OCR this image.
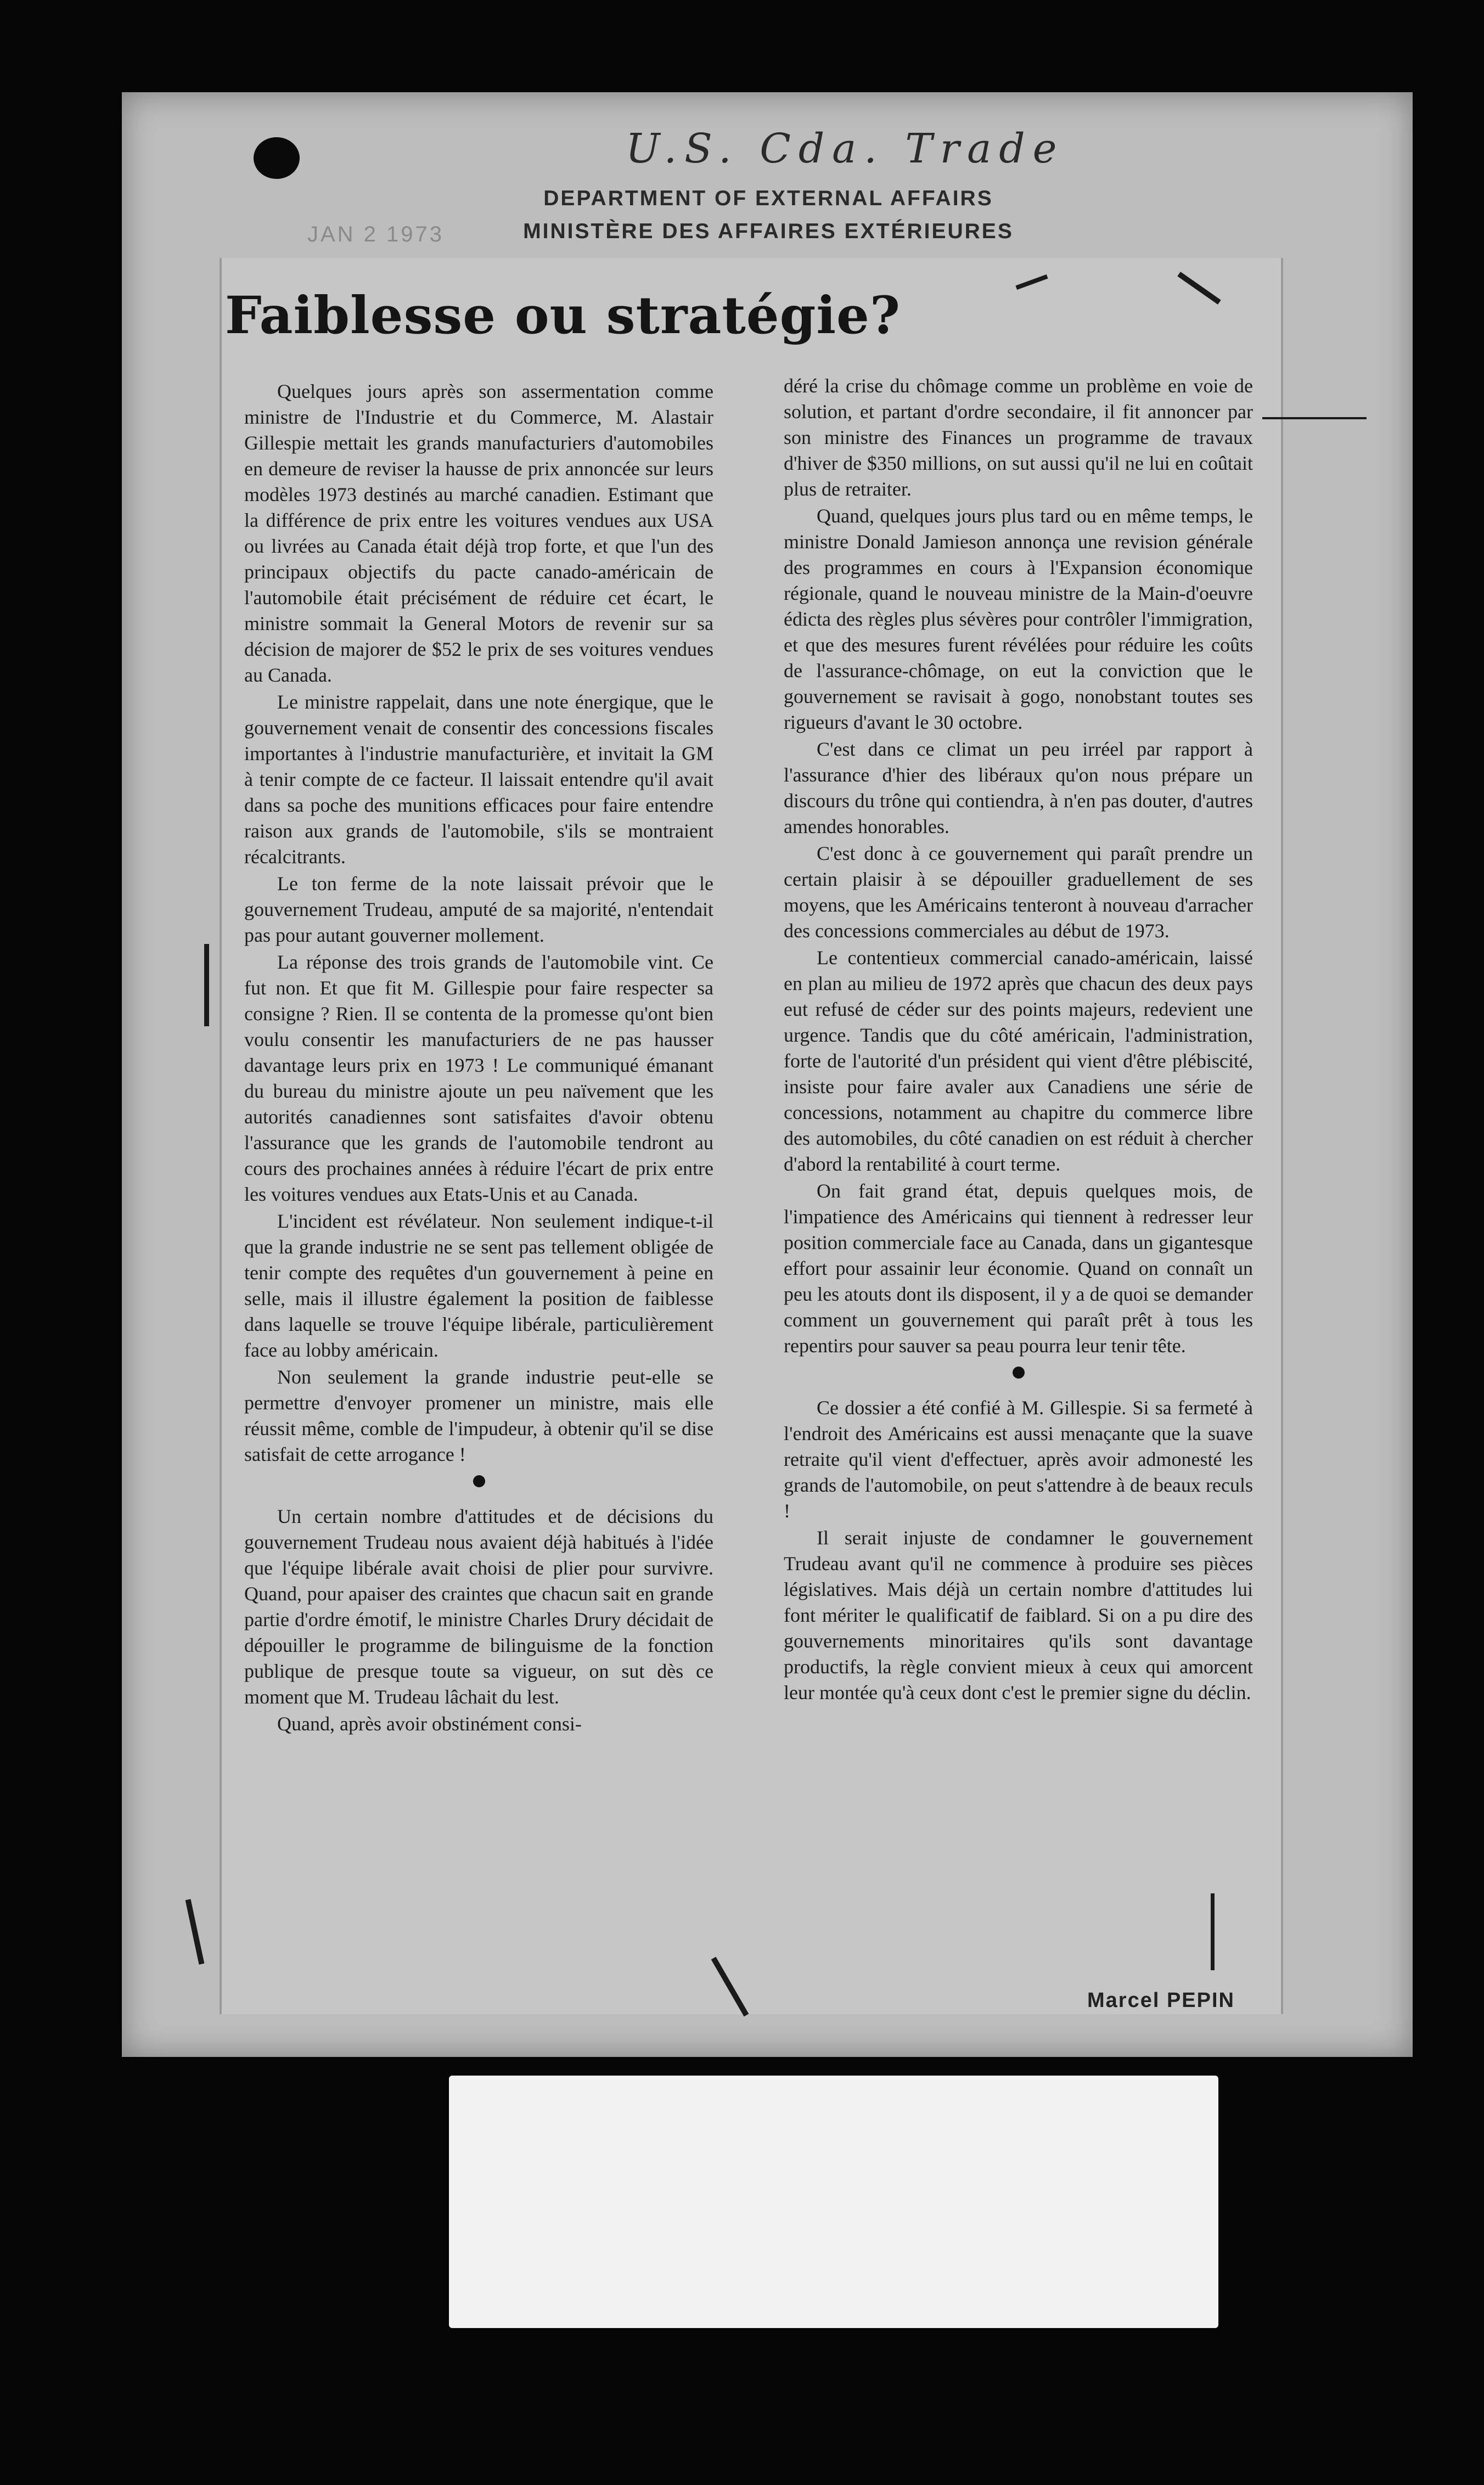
U.S. Cda. Trade
JAN 2 1973
DEPARTMENT OF EXTERNAL AFFAIRS
MINISTÈRE DES AFFAIRES EXTÉRIEURES
Faiblesse ou stratégie?

Quelques jours après son assermentation comme ministre de l'Industrie et du Commerce, M. Alastair Gillespie mettait les grands manufacturiers d'automobiles en demeure de reviser la hausse de prix annoncée sur leurs modèles 1973 destinés au marché canadien. Estimant que la différence de prix entre les voitures vendues aux USA ou livrées au Canada était déjà trop forte, et que l'un des principaux objectifs du pacte canado-américain de l'automobile était précisément de réduire cet écart, le ministre sommait la General Motors de revenir sur sa décision de majorer de $52 le prix de ses voitures vendues au Canada.

Le ministre rappelait, dans une note énergique, que le gouvernement venait de consentir des concessions fiscales importantes à l'industrie manufacturière, et invitait la GM à tenir compte de ce facteur. Il laissait entendre qu'il avait dans sa poche des munitions efficaces pour faire entendre raison aux grands de l'automobile, s'ils se montraient récalcitrants.

Le ton ferme de la note laissait prévoir que le gouvernement Trudeau, amputé de sa majorité, n'entendait pas pour autant gouverner mollement.

La réponse des trois grands de l'automobile vint. Ce fut non. Et que fit M. Gillespie pour faire respecter sa consigne ? Rien. Il se contenta de la promesse qu'ont bien voulu consentir les manufacturiers de ne pas hausser davantage leurs prix en 1973 ! Le communiqué émanant du bureau du ministre ajoute un peu naïvement que les autorités canadiennes sont satisfaites d'avoir obtenu l'assurance que les grands de l'automobile tendront au cours des prochaines années à réduire l'écart de prix entre les voitures vendues aux Etats-Unis et au Canada.

L'incident est révélateur. Non seulement indique-t-il que la grande industrie ne se sent pas tellement obligée de tenir compte des requêtes d'un gouvernement à peine en selle, mais il illustre également la position de faiblesse dans laquelle se trouve l'équipe libérale, particulièrement face au lobby américain.

Non seulement la grande industrie peut-elle se permettre d'envoyer promener un ministre, mais elle réussit même, comble de l'impudeur, à obtenir qu'il se dise satisfait de cette arrogance !

Un certain nombre d'attitudes et de décisions du gouvernement Trudeau nous avaient déjà habitués à l'idée que l'équipe libérale avait choisi de plier pour survivre. Quand, pour apaiser des craintes que chacun sait en grande partie d'ordre émotif, le ministre Charles Drury décidait de dépouiller le programme de bilinguisme de la fonction publique de presque toute sa vigueur, on sut dès ce moment que M. Trudeau lâchait du lest.

Quand, après avoir obstinément consi-

déré la crise du chômage comme un problème en voie de solution, et partant d'ordre secondaire, il fit annoncer par son ministre des Finances un programme de travaux d'hiver de $350 millions, on sut aussi qu'il ne lui en coûtait plus de retraiter.

Quand, quelques jours plus tard ou en même temps, le ministre Donald Jamieson annonça une revision générale des programmes en cours à l'Expansion économique régionale, quand le nouveau ministre de la Main-d'oeuvre édicta des règles plus sévères pour contrôler l'immigration, et que des mesures furent révélées pour réduire les coûts de l'assurance-chômage, on eut la conviction que le gouvernement se ravisait à gogo, nonobstant toutes ses rigueurs d'avant le 30 octobre.

C'est dans ce climat un peu irréel par rapport à l'assurance d'hier des libéraux qu'on nous prépare un discours du trône qui contiendra, à n'en pas douter, d'autres amendes honorables.

C'est donc à ce gouvernement qui paraît prendre un certain plaisir à se dépouiller graduellement de ses moyens, que les Américains tenteront à nouveau d'arracher des concessions commerciales au début de 1973.

Le contentieux commercial canado-américain, laissé en plan au milieu de 1972 après que chacun des deux pays eut refusé de céder sur des points majeurs, redevient une urgence. Tandis que du côté américain, l'administration, forte de l'autorité d'un président qui vient d'être plébiscité, insiste pour faire avaler aux Canadiens une série de concessions, notamment au chapitre du commerce libre des automobiles, du côté canadien on est réduit à chercher d'abord la rentabilité à court terme.

On fait grand état, depuis quelques mois, de l'impatience des Américains qui tiennent à redresser leur position commerciale face au Canada, dans un gigantesque effort pour assainir leur économie. Quand on connaît un peu les atouts dont ils disposent, il y a de quoi se demander comment un gouvernement qui paraît prêt à tous les repentirs pour sauver sa peau pourra leur tenir tête.

Ce dossier a été confié à M. Gillespie. Si sa fermeté à l'endroit des Américains est aussi menaçante que la suave retraite qu'il vient d'effectuer, après avoir admonesté les grands de l'automobile, on peut s'attendre à de beaux reculs !

Il serait injuste de condamner le gouvernement Trudeau avant qu'il ne commence à produire ses pièces législatives. Mais déjà un certain nombre d'attitudes lui font mériter le qualificatif de faiblard. Si on a pu dire des gouvernements minoritaires qu'ils sont davantage productifs, la règle convient mieux à ceux qui amorcent leur montée qu'à ceux dont c'est le premier signe du déclin.

Marcel PEPIN
